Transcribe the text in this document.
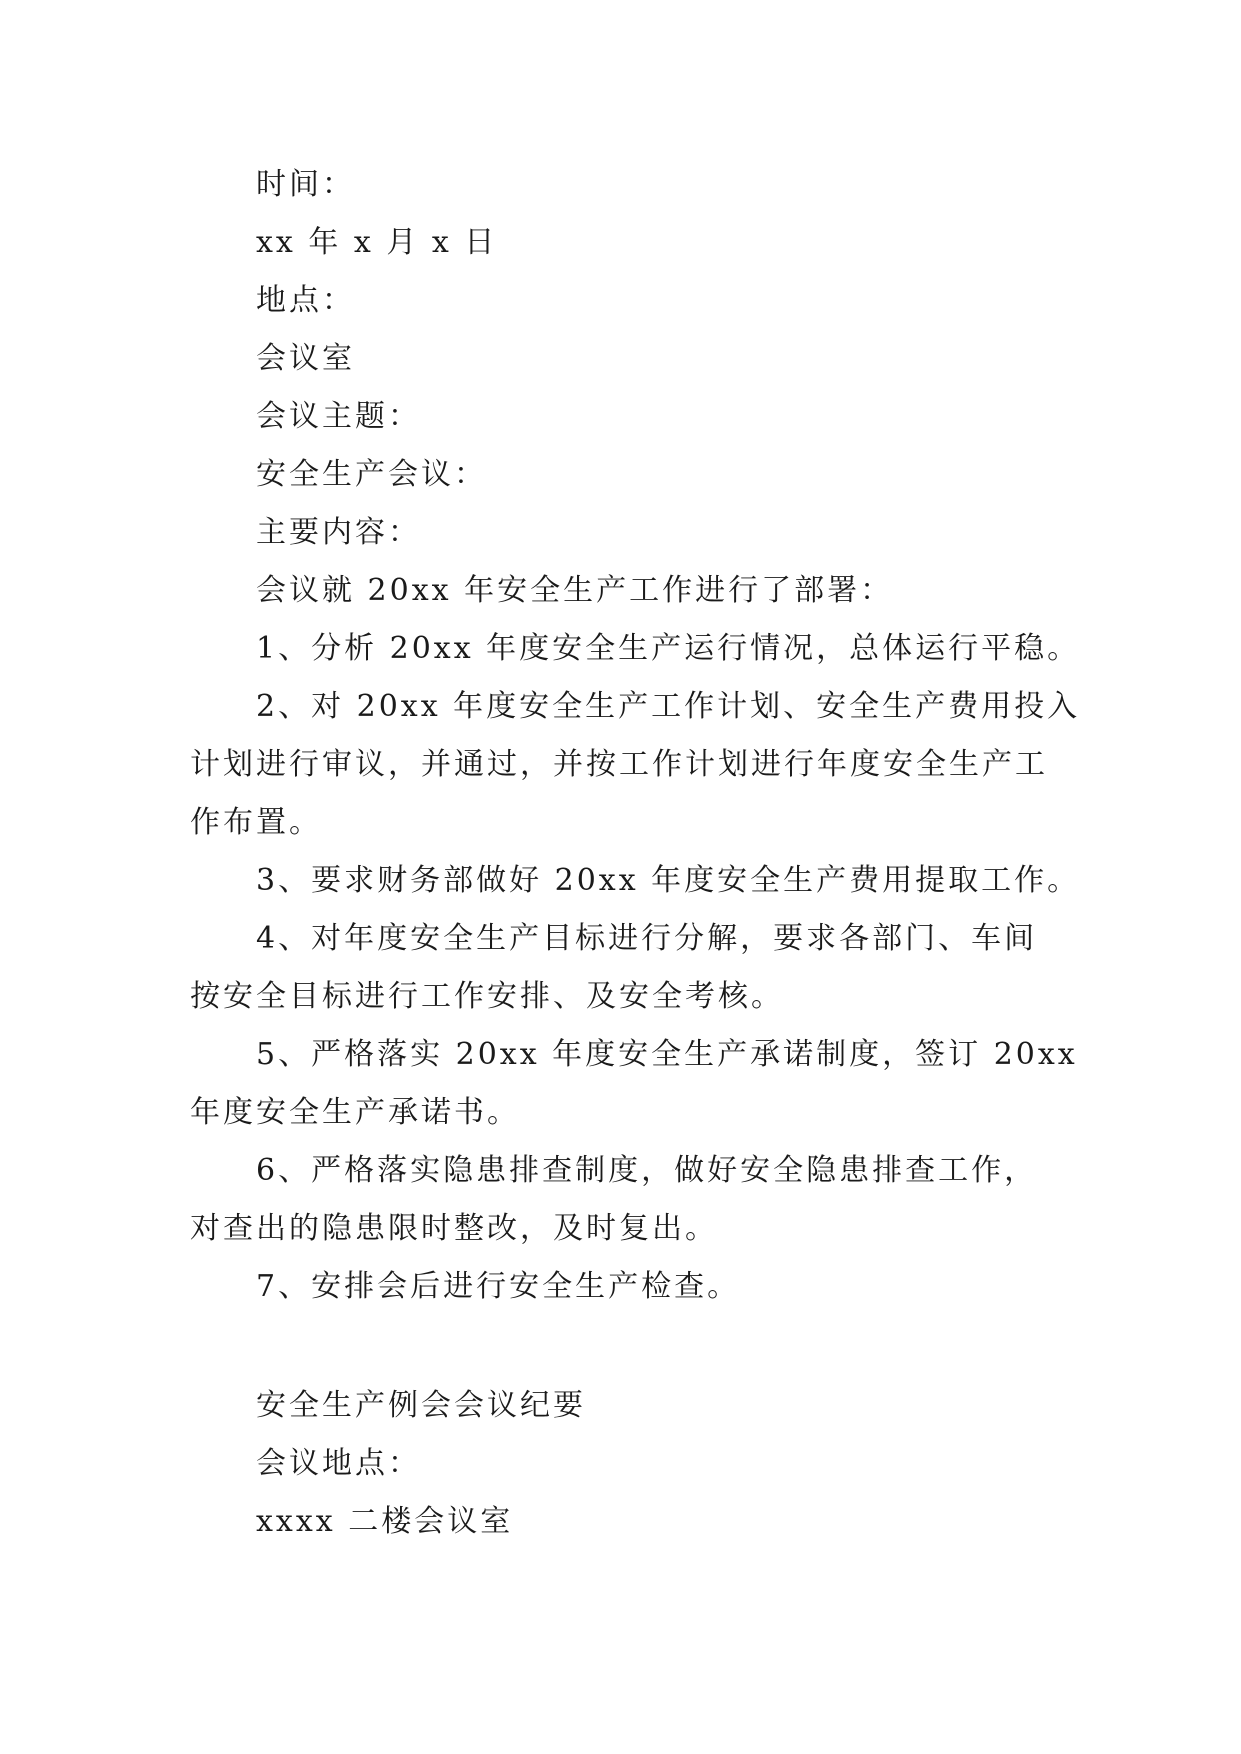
时间：

xx 年 x 月 x 日

地点：

会议室

会议主题：

安全生产会议：

主要内容：

会议就 20xx 年安全生产工作进行了部署：

1、分析 20xx 年度安全生产运行情况，总体运行平稳。

2、对 20xx 年度安全生产工作计划、安全生产费用投入

计划进行审议，并通过，并按工作计划进行年度安全生产工

作布置。

3、要求财务部做好 20xx 年度安全生产费用提取工作。

4、对年度安全生产目标进行分解，要求各部门、车间

按安全目标进行工作安排、及安全考核。

5、严格落实 20xx 年度安全生产承诺制度，签订 20xx

年度安全生产承诺书。

6、严格落实隐患排查制度，做好安全隐患排查工作，

对查出的隐患限时整改，及时复出。

7、安排会后进行安全生产检查。

安全生产例会会议纪要

会议地点：

xxxx 二楼会议室
